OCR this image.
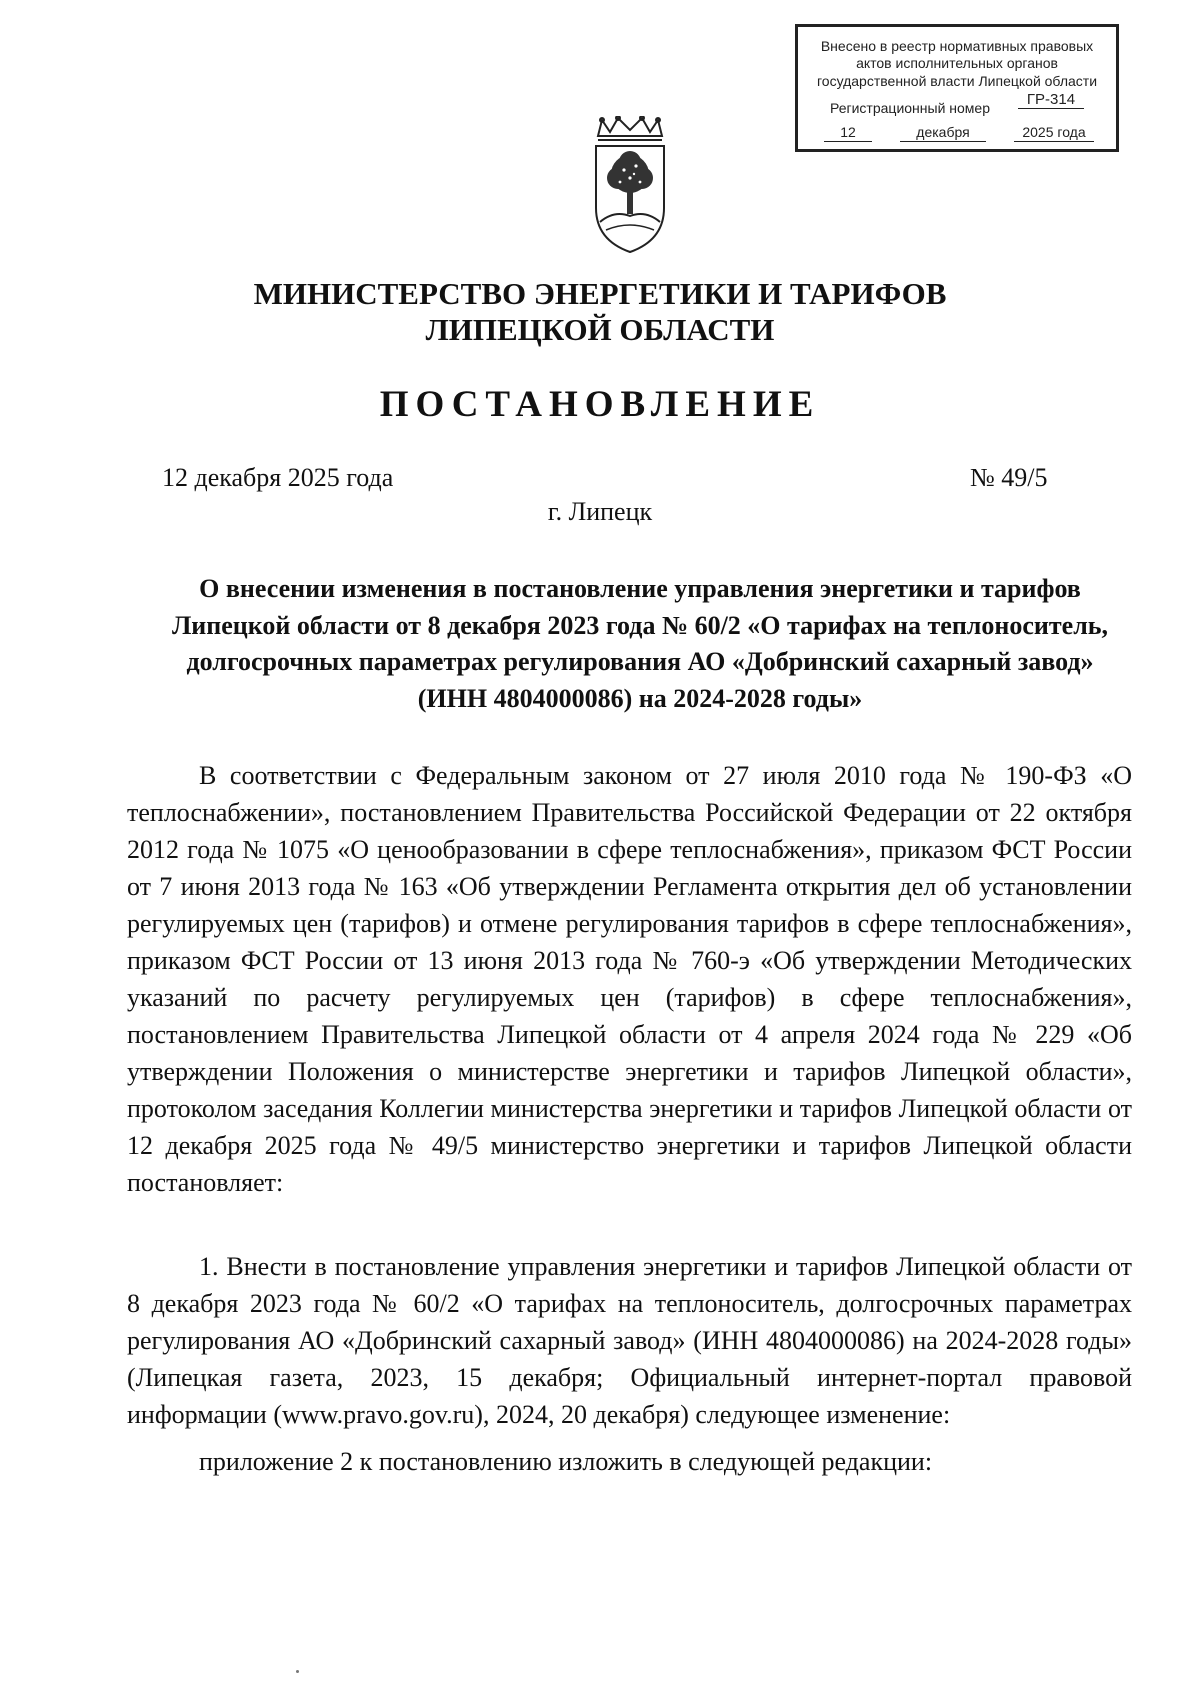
Внесено в реестр нормативных правовых
актов исполнительных органов
государственной власти Липецкой области
Регистрационный номер	ГР-314
12	декабря	2025 года
МИНИСТЕРСТВО ЭНЕРГЕТИКИ И ТАРИФОВ
ЛИПЕЦКОЙ ОБЛАСТИ
ПОСТАНОВЛЕНИЕ
12 декабря 2025 года	№ 49/5
г. Липецк
О внесении изменения в постановление управления энергетики и тарифов Липецкой области от 8 декабря 2023 года № 60/2 «О тарифах на теплоноситель, долгосрочных параметрах регулирования АО «Добринский сахарный завод» (ИНН 4804000086) на 2024-2028 годы»
В соответствии с Федеральным законом от 27 июля 2010 года № 190-ФЗ «О теплоснабжении», постановлением Правительства Российской Федерации от 22 октября 2012 года № 1075 «О ценообразовании в сфере теплоснабжения», приказом ФСТ России от 7 июня 2013 года № 163 «Об утверждении Регламента открытия дел об установлении регулируемых цен (тарифов) и отмене регулирования тарифов в сфере теплоснабжения», приказом ФСТ России от 13 июня 2013 года № 760-э «Об утверждении Методических указаний по расчету регулируемых цен (тарифов) в сфере теплоснабжения», постановлением Правительства Липецкой области от 4 апреля 2024 года № 229 «Об утверждении Положения о министерстве энергетики и тарифов Липецкой области», протоколом заседания Коллегии министерства энергетики и тарифов Липецкой области от 12 декабря 2025 года № 49/5 министерство энергетики и тарифов Липецкой области постановляет:
1. Внести в постановление управления энергетики и тарифов Липецкой области от 8 декабря 2023 года № 60/2 «О тарифах на теплоноситель, долгосрочных параметрах регулирования АО «Добринский сахарный завод» (ИНН 4804000086) на 2024-2028 годы» (Липецкая газета, 2023, 15 декабря; Официальный интернет-портал правовой информации (www.pravo.gov.ru), 2024, 20 декабря) следующее изменение:
приложение 2 к постановлению изложить в следующей редакции:
